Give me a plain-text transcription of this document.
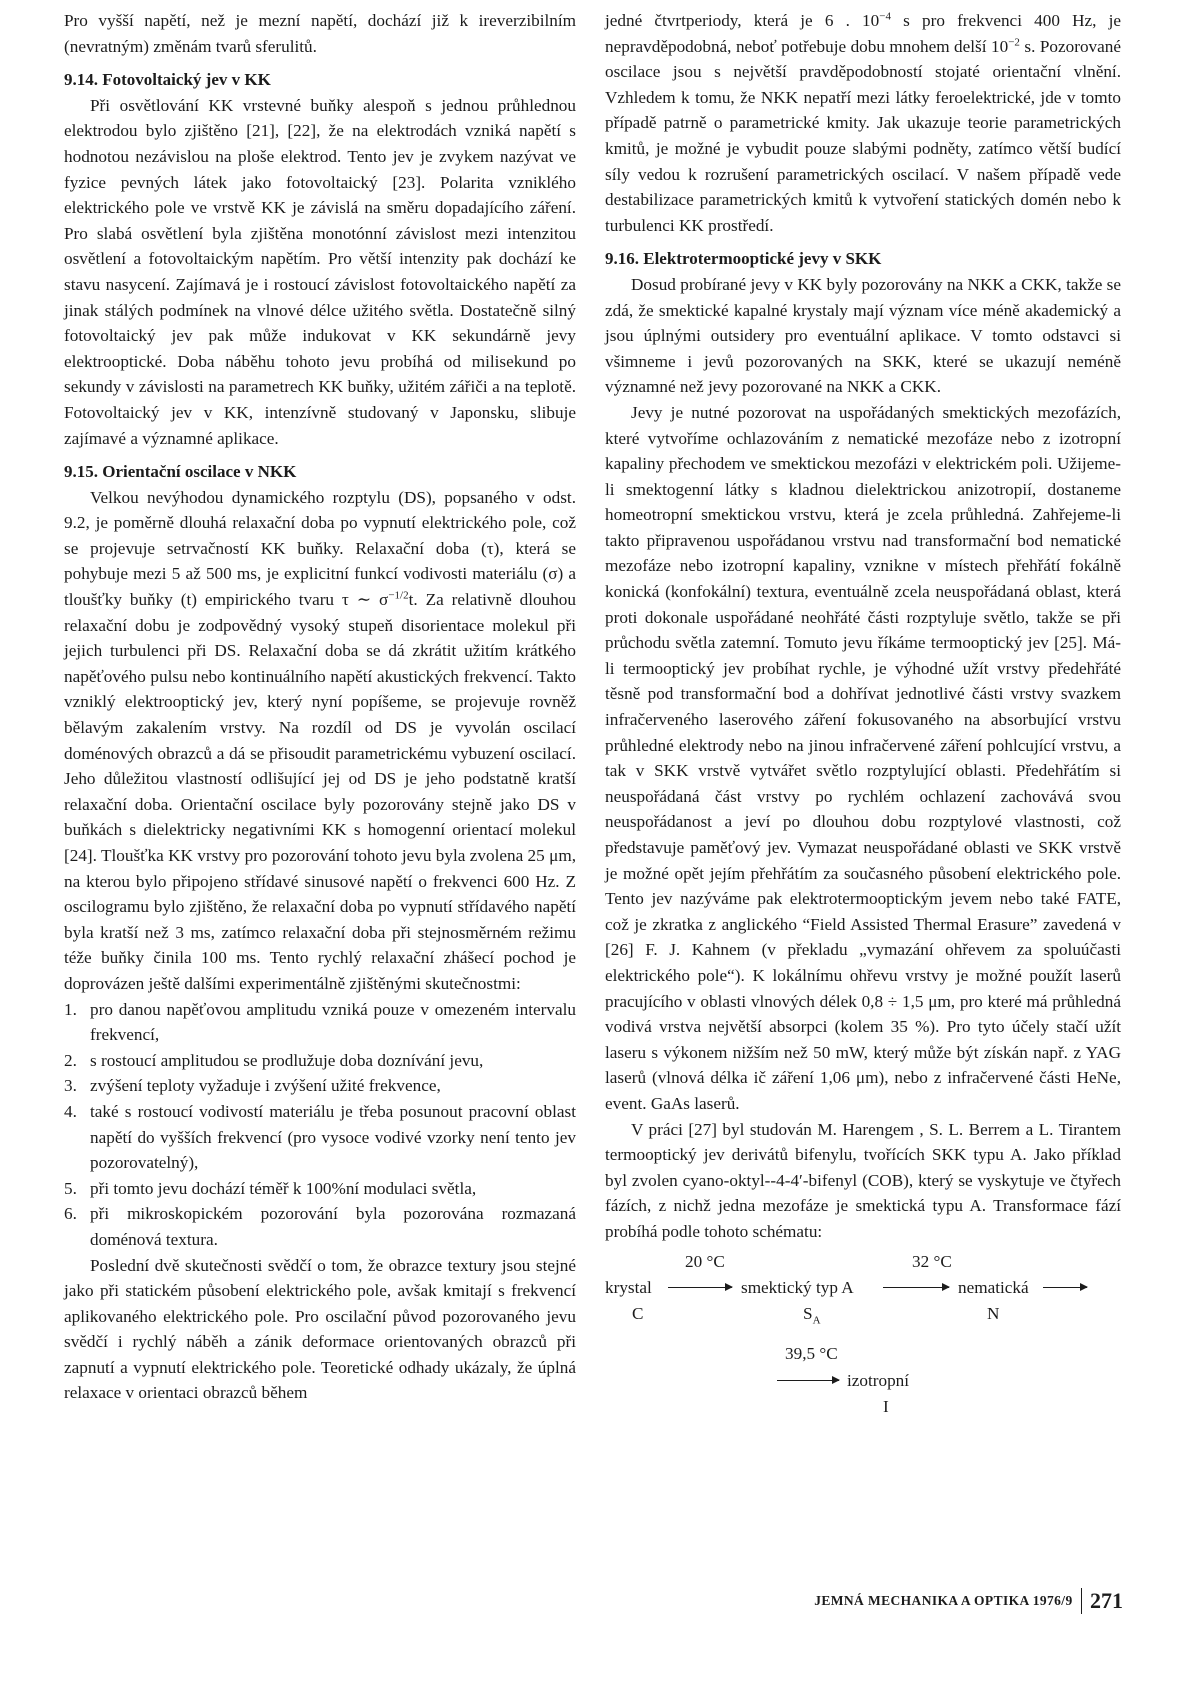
Pro vyšší napětí, než je mezní napětí, dochází již k ireverzibilním (nevratným) změnám tvarů sferulitů.

9.14. Fotovoltaický jev v KK

Při osvětlování KK vrstevné buňky alespoň s jednou průhlednou elektrodou bylo zjištěno [21], [22], že na elektrodách vzniká napětí s hodnotou nezávislou na ploše elektrod. Tento jev je zvykem nazývat ve fyzice pevných látek jako fotovoltaický [23]. Polarita vzniklého elektrického pole ve vrstvě KK je závislá na směru dopadajícího záření. Pro slabá osvětlení byla zjištěna monotónní závislost mezi intenzitou osvětlení a fotovoltaickým napětím. Pro větší intenzity pak dochází ke stavu nasycení. Zajímavá je i rostoucí závislost fotovoltaického napětí za jinak stálých podmínek na vlnové délce užitého světla. Dostatečně silný fotovoltaický jev pak může indukovat v KK sekundárně jevy elektrooptické. Doba náběhu tohoto jevu probíhá od milisekund po sekundy v závislosti na parametrech KK buňky, užitém zářiči a na teplotě. Fotovoltaický jev v KK, intenzívně studovaný v Japonsku, slibuje zajímavé a významné aplikace.

9.15. Orientační oscilace v NKK

Velkou nevýhodou dynamického rozptylu (DS), popsaného v odst. 9.2, je poměrně dlouhá relaxační doba po vypnutí elektrického pole, což se projevuje setrvačností KK buňky. Relaxační doba (τ), která se pohybuje mezi 5 až 500 ms, je explicitní funkcí vodivosti materiálu (σ) a tloušťky buňky (t) empirického tvaru τ ∼ $\sigma^{-1/2}t$. Za relativně dlouhou relaxační dobu je zodpovědný vysoký stupeň disorientace molekul při jejich turbulenci při DS. Relaxační doba se dá zkrátit užitím krátkého napěťového pulsu nebo kontinuálního napětí akustických frekvencí. Takto vzniklý elektrooptický jev, který nyní popíšeme, se projevuje rovněž bělavým zakalením vrstvy. Na rozdíl od DS je vyvolán oscilací doménových obrazců a dá se přisoudit parametrickému vybuzení oscilací. Jeho důležitou vlastností odlišující jej od DS je jeho podstatně kratší relaxační doba. Orientační oscilace byly pozorovány stejně jako DS v buňkách s dielektricky negativními KK s homogenní orientací molekul [24]. Tloušťka KK vrstvy pro pozorování tohoto jevu byla zvolena 25 μm, na kterou bylo připojeno střídavé sinusové napětí o frekvenci 600 Hz. Z oscilogramu bylo zjištěno, že relaxační doba po vypnutí střídavého napětí byla kratší než 3 ms, zatímco relaxační doba při stejnosměrném režimu téže buňky činila 100 ms. Tento rychlý relaxační zhášecí pochod je doprovázen ještě dalšími experimentálně zjištěnými skutečnostmi:

1. pro danou napěťovou amplitudu vzniká pouze v omezeném intervalu frekvencí,
2. s rostoucí amplitudou se prodlužuje doba doznívání jevu,
3. zvýšení teploty vyžaduje i zvýšení užité frekvence,
4. také s rostoucí vodivostí materiálu je třeba posunout pracovní oblast napětí do vyšších frekvencí (pro vysoce vodivé vzorky není tento jev pozorovatelný),
5. při tomto jevu dochází téměř k 100%ní modulaci světla,
6. při mikroskopickém pozorování byla pozorována rozmazaná doménová textura.

Poslední dvě skutečnosti svědčí o tom, že obrazce textury jsou stejné jako při statickém působení elektrického pole, avšak kmitají s frekvencí aplikovaného elektrického pole. Pro oscilační původ pozorovaného jevu svědčí i rychlý náběh a zánik deformace orientovaných obrazců při zapnutí a vypnutí elektrického pole. Teoretické odhady ukázaly, že úplná relaxace v orientaci obrazců během

jedné čtvrtperiody, která je 6 . $10^{-4}$ s pro frekvenci 400 Hz, je nepravděpodobná, neboť potřebuje dobu mnohem delší $10^{-2}$ s. Pozorované oscilace jsou s největší pravděpodobností stojaté orientační vlnění. Vzhledem k tomu, že NKK nepatří mezi látky feroelektrické, jde v tomto případě patrně o parametrické kmity. Jak ukazuje teorie parametrických kmitů, je možné je vybudit pouze slabými podněty, zatímco větší budící síly vedou k rozrušení parametrických oscilací. V našem případě vede destabilizace parametrických kmitů k vytvoření statických domén nebo k turbulenci KK prostředí.

9.16. Elektrotermooptické jevy v SKK

Dosud probírané jevy v KK byly pozorovány na NKK a CKK, takže se zdá, že smektické kapalné krystaly mají význam více méně akademický a jsou úplnými outsidery pro eventuální aplikace. V tomto odstavci si všimneme i jevů pozorovaných na SKK, které se ukazují neméně významné než jevy pozorované na NKK a CKK.

Jevy je nutné pozorovat na uspořádaných smektických mezofázích, které vytvoříme ochlazováním z nematické mezofáze nebo z izotropní kapaliny přechodem ve smektickou mezofázi v elektrickém poli. Užijeme-li smektogenní látky s kladnou dielektrickou anizotropií, dostaneme homeotropní smektickou vrstvu, která je zcela průhledná. Zahřejeme-li takto připravenou uspořádanou vrstvu nad transformační bod nematické mezofáze nebo izotropní kapaliny, vznikne v místech přehřátí fokálně konická (konfokální) textura, eventuálně zcela neuspořádaná oblast, která proti dokonale uspořádané neohřáté části rozptyluje světlo, takže se při průchodu světla zatemní. Tomuto jevu říkáme termooptický jev [25]. Má-li termooptický jev probíhat rychle, je výhodné užít vrstvy předehřáté těsně pod transformační bod a dohřívat jednotlivé části vrstvy svazkem infračerveného laserového záření fokusovaného na absorbující vrstvu průhledné elektrody nebo na jinou infračervené záření pohlcující vrstvu, a tak v SKK vrstvě vytvářet světlo rozptylující oblasti. Předehřátím si neuspořádaná část vrstvy po rychlém ochlazení zachovává svou neuspořádanost a jeví po dlouhou dobu rozptylové vlastnosti, což představuje paměťový jev. Vymazat neuspořádané oblasti ve SKK vrstvě je možné opět jejím přehřátím za současného působení elektrického pole. Tento jev nazýváme pak elektrotermooptickým jevem nebo také FATE, což je zkratka z anglického “Field Assisted Thermal Erasure” zavedená v [26] F. J. Kahnem (v překladu „vymazání ohřevem za spoluúčasti elektrického pole“). K lokálnímu ohřevu vrstvy je možné použít laserů pracujícího v oblasti vlnových délek 0,8 ÷ 1,5 μm, pro které má průhledná vodivá vrstva největší absorpci (kolem 35 %). Pro tyto účely stačí užít laseru s výkonem nižším než 50 mW, který může být získán např. z YAG laserů (vlnová délka ič záření 1,06 μm), nebo z infračervené části HeNe, event. GaAs laserů.

V práci [27] byl studován M. Harengem , S. L. Berrem a L. Tirantem termooptický jev derivátů bifenylu, tvořících SKK typu A. Jako příklad byl zvolen cyano-oktyl--4-4′-bifenyl (COB), který se vyskytuje ve čtyřech fázích, z nichž jedna mezofáze je smektická typu A. Transformace fází probíhá podle tohoto schématu:

20 °C	32 °C
krystal	smektický typ A	nematická
C	$S_A$	N
39,5 °C
izotropní
I
JEMNÁ MECHANIKA A OPTIKA 1976/9 271
